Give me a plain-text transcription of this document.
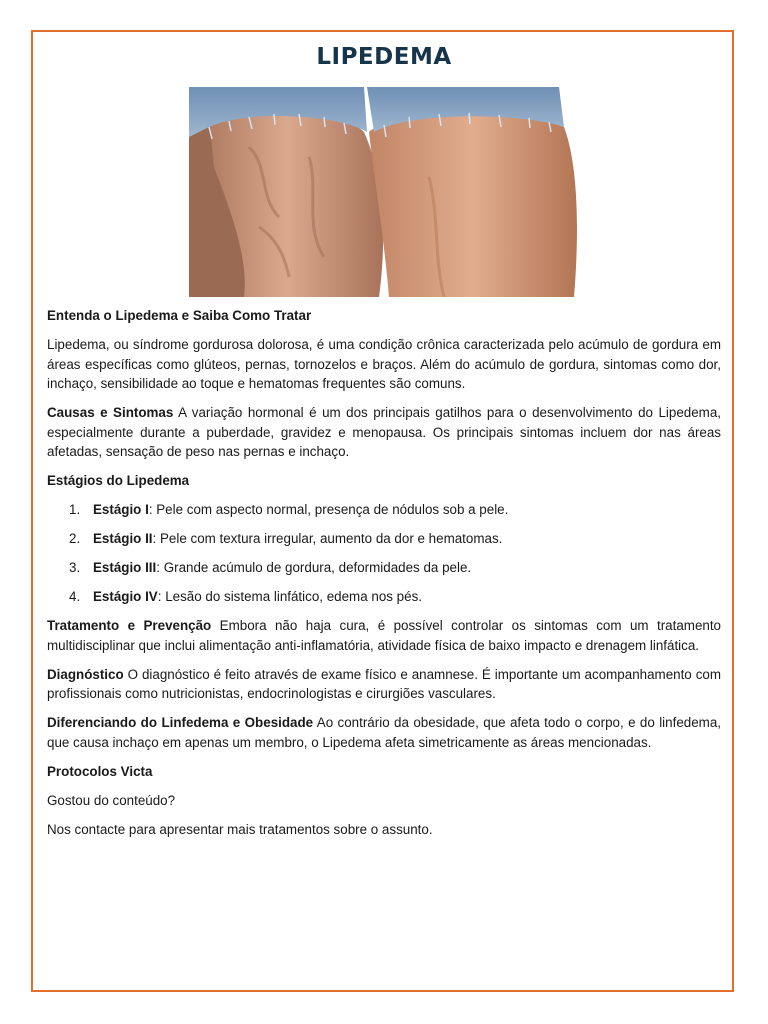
LIPEDEMA

Entenda o Lipedema e Saiba Como Tratar

Lipedema, ou síndrome gordurosa dolorosa, é uma condição crônica caracterizada pelo acúmulo de gordura em áreas específicas como glúteos, pernas, tornozelos e braços. Além do acúmulo de gordura, sintomas como dor, inchaço, sensibilidade ao toque e hematomas frequentes são comuns.

Causas e Sintomas A variação hormonal é um dos principais gatilhos para o desenvolvimento do Lipedema, especialmente durante a puberdade, gravidez e menopausa. Os principais sintomas incluem dor nas áreas afetadas, sensação de peso nas pernas e inchaço.

Estágios do Lipedema

1. Estágio I: Pele com aspecto normal, presença de nódulos sob a pele.
2. Estágio II: Pele com textura irregular, aumento da dor e hematomas.
3. Estágio III: Grande acúmulo de gordura, deformidades da pele.
4. Estágio IV: Lesão do sistema linfático, edema nos pés.

Tratamento e Prevenção Embora não haja cura, é possível controlar os sintomas com um tratamento multidisciplinar que inclui alimentação anti-inflamatória, atividade física de baixo impacto e drenagem linfática.

Diagnóstico O diagnóstico é feito através de exame físico e anamnese. É importante um acompanhamento com profissionais como nutricionistas, endocrinologistas e cirurgiões vasculares.

Diferenciando do Linfedema e Obesidade Ao contrário da obesidade, que afeta todo o corpo, e do linfedema, que causa inchaço em apenas um membro, o Lipedema afeta simetricamente as áreas mencionadas.

Protocolos Victa

Gostou do conteúdo?

Nos contacte para apresentar mais tratamentos sobre o assunto.
